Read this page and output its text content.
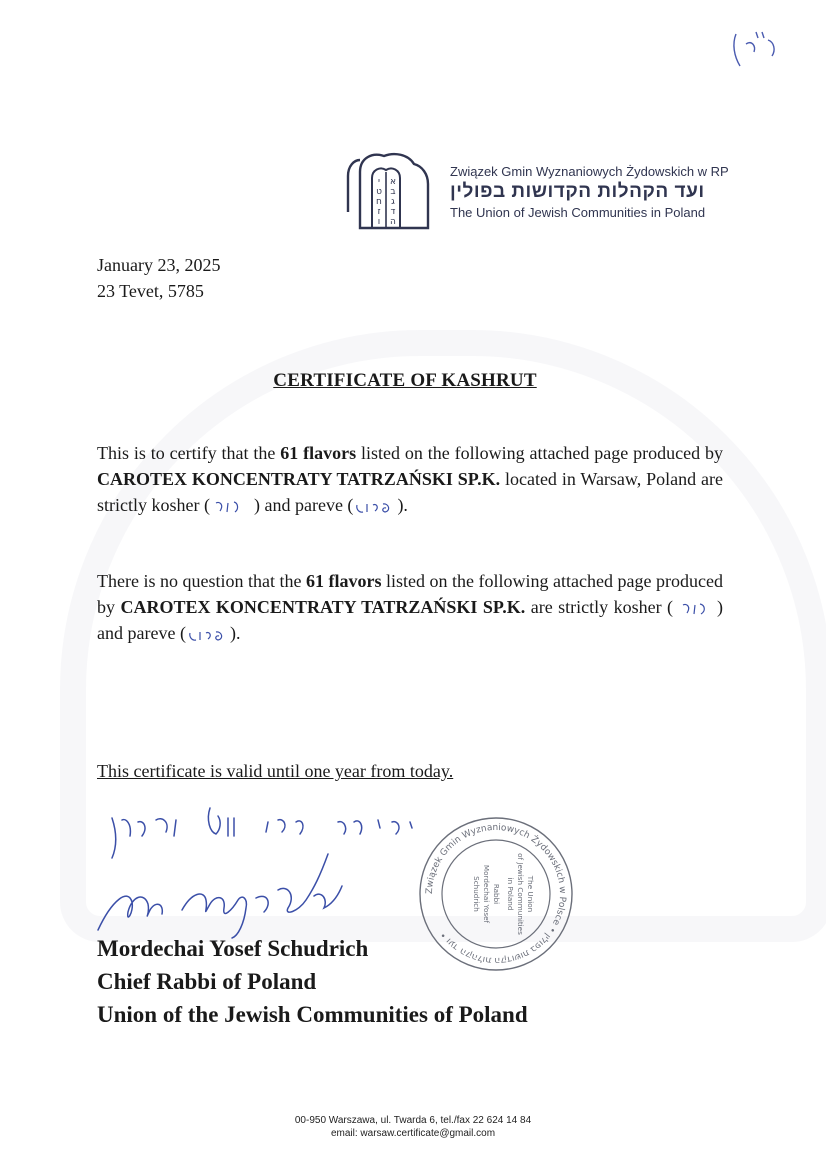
י
ט
ח
ז
ו
א
ב
ג
ד
ה
Związek Gmin Wyznaniowych Żydowskich w RP
ועד הקהלות הקדושות בפולין
The Union of Jewish Communities in Poland
January 23, 2025
23 Tevet, 5785
CERTIFICATE OF KASHRUT
This is to certify that the 61 flavors listed on the following attached page produced by CAROTEX KONCENTRATY TATRZAŃSKI SP.K. located in Warsaw, Poland are strictly kosher ( ) and pareve ( ).
There is no question that the 61 flavors listed on the following attached page produced by CAROTEX KONCENTRATY TATRZAŃSKI SP.K. are strictly kosher ( ) and pareve ( ).
This certificate is valid until one year from today.
Związek Gmin Wyznaniowych Żydowskich w Polsce • ועד הקהלות הקדושות בפולין •
The Union
of Jewish Communities
in Poland
Rabbi
Mordechai Yosef
Schudrich
Mordechai Yosef Schudrich
Chief Rabbi of Poland
Union of the Jewish Communities of Poland
00-950 Warszawa, ul. Twarda 6, tel./fax 22 624 14 84
email: warsaw.certificate@gmail.com
